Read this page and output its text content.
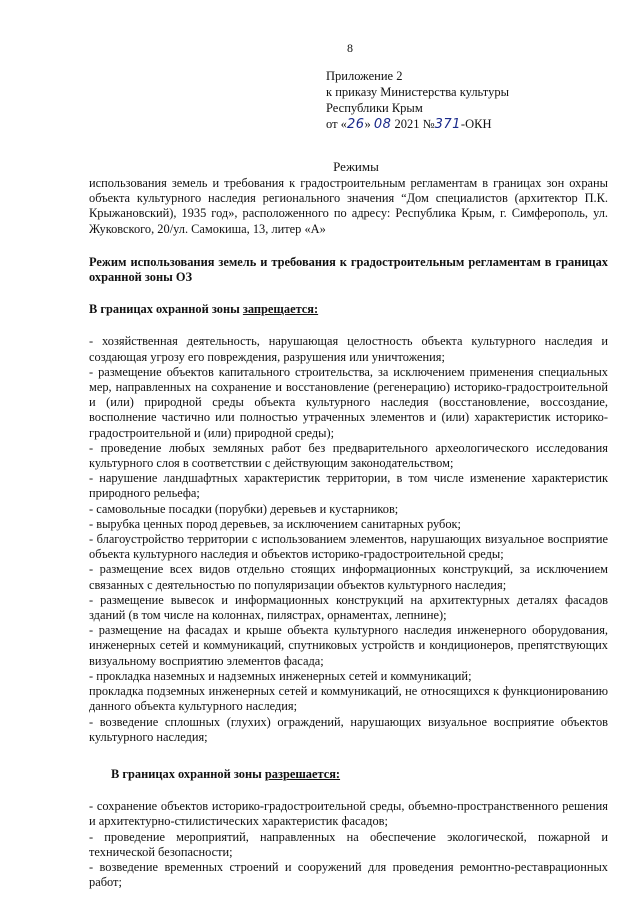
8
Приложение 2
к приказу Министерства культуры
Республики Крым
от «26» 08 2021 №371-ОКН
Режимы

использования земель и требования к градостроительным регламентам в границах зон охраны объекта культурного наследия регионального значения “Дом специалистов (архитектор П.К. Крыжановский), 1935 год», расположенного по адресу: Республика Крым, г. Симферополь, ул. Жуковского, 20/ул. Самокиша, 13, литер «А»

Режим использования земель и требования к градостроительным регламентам в границах охранной зоны ОЗ

В границах охранной зоны запрещается:

- хозяйственная деятельность, нарушающая целостность объекта культурного наследия и создающая угрозу его повреждения, разрушения или уничтожения;

- размещение объектов капитального строительства, за исключением применения специальных мер, направленных на сохранение и восстановление (регенерацию) историко-градостроительной и (или) природной среды объекта культурного наследия (восстановление, воссоздание, восполнение частично или полностью утраченных элементов и (или) характеристик историко-градостроительной и (или) природной среды);

- проведение любых земляных работ без предварительного археологического исследования культурного слоя в соответствии с действующим законодательством;

- нарушение ландшафтных характеристик территории, в том числе изменение характеристик природного рельефа;

- самовольные посадки (порубки) деревьев и кустарников;

- вырубка ценных пород деревьев, за исключением санитарных рубок;

- благоустройство территории с использованием элементов, нарушающих визуальное восприятие объекта культурного наследия и объектов историко-градостроительной среды;

- размещение всех видов отдельно стоящих информационных конструкций, за исключением связанных с деятельностью по популяризации объектов культурного наследия;

- размещение вывесок и информационных конструкций на архитектурных деталях фасадов зданий (в том числе на колоннах, пилястрах, орнаментах, лепнине);

- размещение на фасадах и крыше объекта культурного наследия инженерного оборудования, инженерных сетей и коммуникаций, спутниковых устройств и кондиционеров, препятствующих визуальному восприятию элементов фасада;

- прокладка наземных и надземных инженерных сетей и коммуникаций;

прокладка подземных инженерных сетей и коммуникаций, не относящихся к функционированию данного объекта культурного наследия;

- возведение сплошных (глухих) ограждений, нарушающих визуальное восприятие объектов культурного наследия;

В границах охранной зоны разрешается:

- сохранение объектов историко-градостроительной среды, объемно-пространственного решения и архитектурно-стилистических характеристик фасадов;

- проведение мероприятий, направленных на обеспечение экологической, пожарной и технической безопасности;

- возведение временных строений и сооружений для проведения ремонтно-реставрационных работ;
